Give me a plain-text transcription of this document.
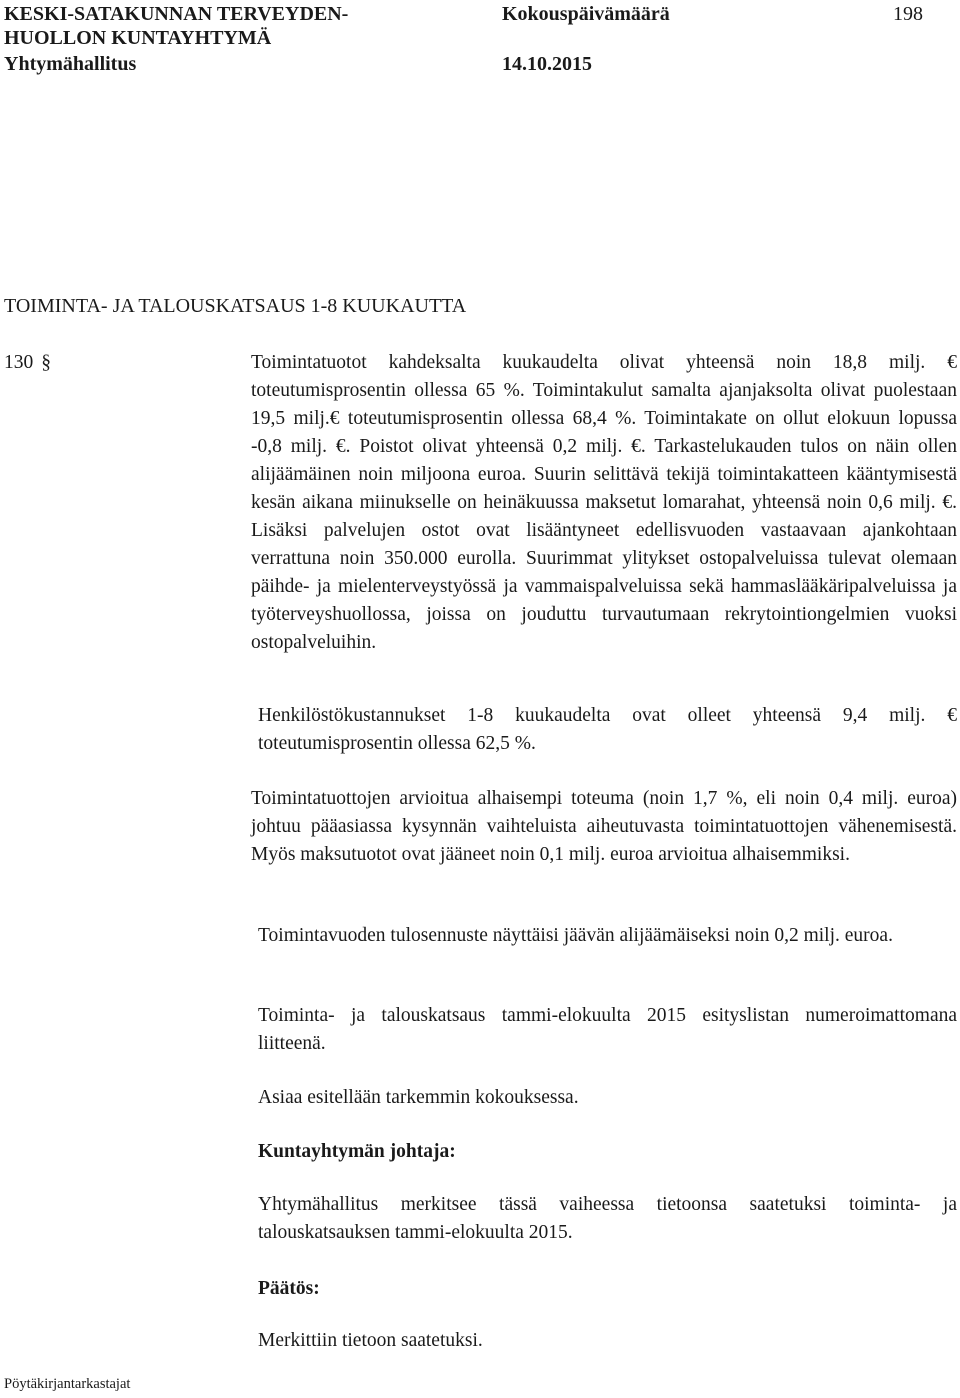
KESKI-SATAKUNNAN TERVEYDEN-
HUOLLON KUNTAYHTYMÄ
Yhtymähallitus
Kokouspäivämäärä
14.10.2015
198
TOIMINTA- JA TALOUSKATSAUS 1-8 KUUKAUTTA
130 §	Toimintatuotot kahdeksalta kuukaudelta olivat yhteensä noin 18,8 milj. € toteutumisprosentin ollessa 65 %. Toimintakulut samalta ajanjaksolta olivat puolestaan 19,5 milj.€ toteutumisprosentin ollessa 68,4 %. Toimintakate on ollut elokuun lopussa -0,8 milj. €. Poistot olivat yhteensä 0,2 milj. €. Tarkastelukauden tulos on näin ollen alijäämäinen noin miljoona euroa. Suurin selittävä tekijä toimintakatteen kääntymisestä kesän aikana miinukselle on heinäkuussa maksetut lomarahat, yhteensä noin 0,6 milj. €. Lisäksi palvelujen ostot ovat lisääntyneet edellisvuoden vastaavaan ajankohtaan verrattuna noin 350.000 eurolla. Suurimmat ylitykset ostopalveluissa tulevat olemaan päihde- ja mielenterveystyössä ja vammaispalveluissa sekä hammaslääkäripalveluissa ja työterveyshuollossa, joissa on jouduttu turvautumaan rekrytointiongelmien vuoksi ostopalveluihin.

Henkilöstökustannukset 1-8 kuukaudelta ovat olleet yhteensä 9,4 milj. € toteutumisprosentin ollessa 62,5 %.

Toimintatuottojen arvioitua alhaisempi toteuma (noin 1,7 %, eli noin 0,4 milj. euroa) johtuu pääasiassa kysynnän vaihteluista aiheutuvasta toimintatuottojen vähenemisestä. Myös maksutuotot ovat jääneet noin 0,1 milj. euroa arvioitua alhaisemmiksi.

Toimintavuoden tulosennuste näyttäisi jäävän alijäämäiseksi noin 0,2 milj. euroa.

Toiminta- ja talouskatsaus tammi-elokuulta 2015 esityslistan numeroimattomana liitteenä.

Asiaa esitellään tarkemmin kokouksessa.
Kuntayhtymän johtaja:

Yhtymähallitus merkitsee tässä vaiheessa tietoonsa saatetuksi toiminta- ja talouskatsauksen tammi-elokuulta 2015.

Päätös:
Merkittiin tietoon saatetuksi.
Pöytäkirjantarkastajat
